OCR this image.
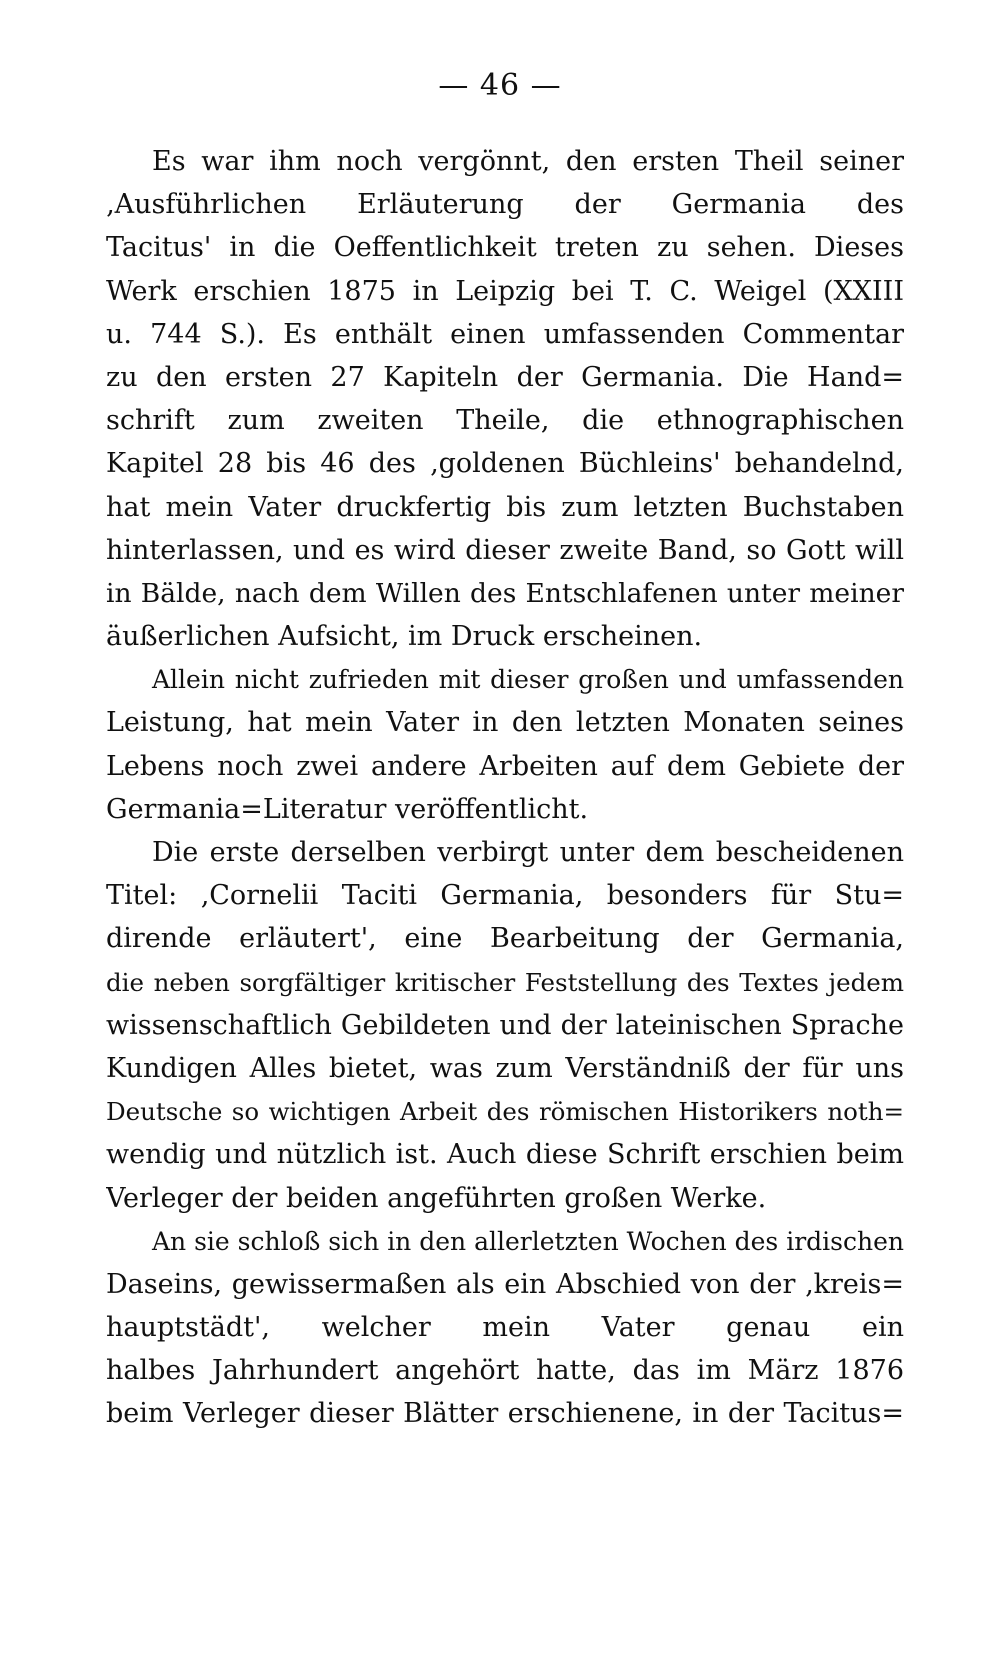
— 46 —
Es war ihm noch vergönnt, den ersten Theil seiner
‚Ausführlichen Erläuterung der Germania des
Tacitus' in die Oeffentlichkeit treten zu sehen. Dieses
Werk erschien 1875 in Leipzig bei T. C. Weigel (XXIII
u. 744 S.). Es enthält einen umfassenden Commentar
zu den ersten 27 Kapiteln der Germania. Die Hand=
schrift zum zweiten Theile, die ethnographischen
Kapitel 28 bis 46 des ‚goldenen Büchleins' behandelnd,
hat mein Vater druckfertig bis zum letzten Buchstaben
hinterlassen, und es wird dieser zweite Band, so Gott will
in Bälde, nach dem Willen des Entschlafenen unter meiner
äußerlichen Aufsicht, im Druck erscheinen.
Allein nicht zufrieden mit dieser großen und umfassenden
Leistung, hat mein Vater in den letzten Monaten seines
Lebens noch zwei andere Arbeiten auf dem Gebiete der
Germania=Literatur veröffentlicht.
Die erste derselben verbirgt unter dem bescheidenen
Titel: ‚Cornelii Taciti Germania, besonders für Stu=
dirende erläutert', eine Bearbeitung der Germania,
die neben sorgfältiger kritischer Feststellung des Textes jedem
wissenschaftlich Gebildeten und der lateinischen Sprache
Kundigen Alles bietet, was zum Verständniß der für uns
Deutsche so wichtigen Arbeit des römischen Historikers noth=
wendig und nützlich ist. Auch diese Schrift erschien beim
Verleger der beiden angeführten großen Werke.
An sie schloß sich in den allerletzten Wochen des irdischen
Daseins, gewissermaßen als ein Abschied von der ‚kreis=
hauptstädt', welcher mein Vater genau ein
halbes Jahrhundert angehört hatte, das im März 1876
beim Verleger dieser Blätter erschienene, in der Tacitus=
